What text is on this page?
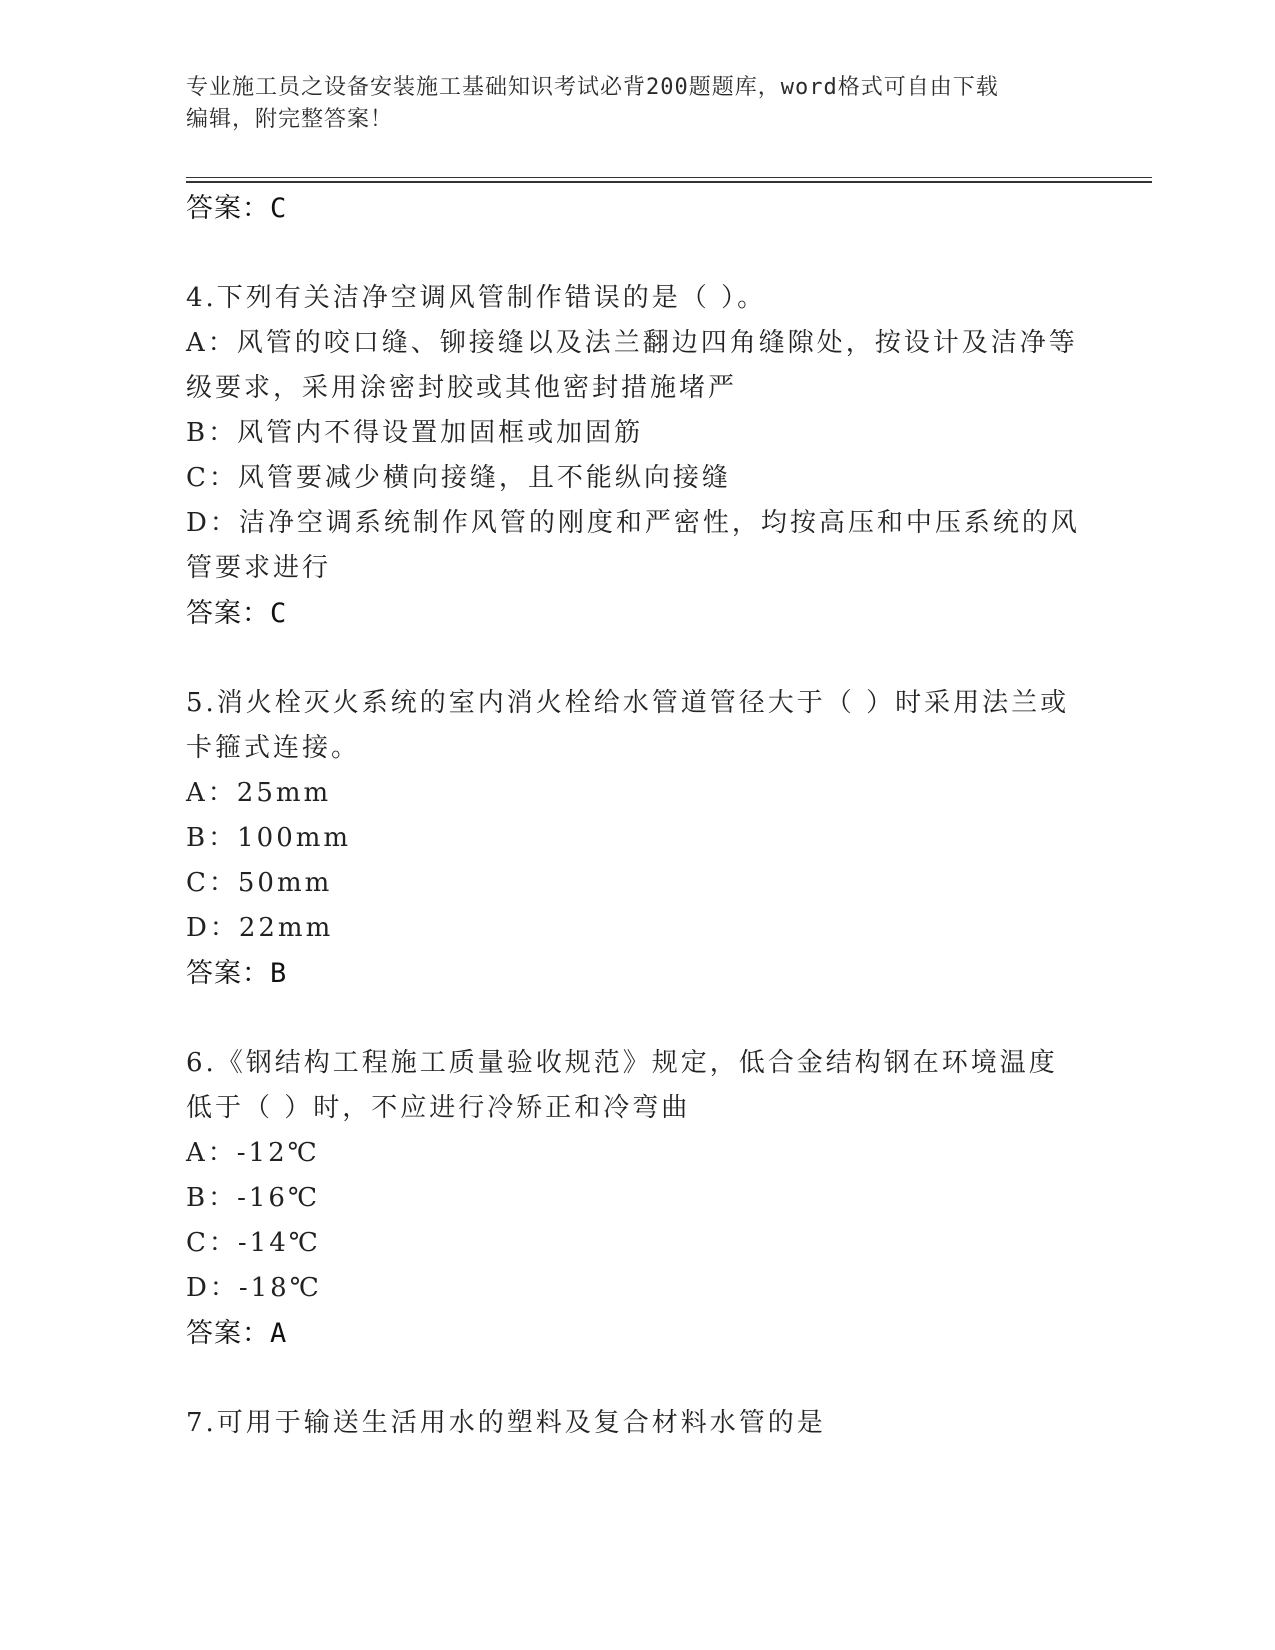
专业施工员之设备安装施工基础知识考试必背200题题库，word格式可自由下载
编辑，附完整答案！
答案：C
4.下列有关洁净空调风管制作错误的是（ ）。
A：风管的咬口缝、铆接缝以及法兰翻边四角缝隙处，按设计及洁净等
级要求，采用涂密封胶或其他密封措施堵严
B：风管内不得设置加固框或加固筋
C：风管要减少横向接缝，且不能纵向接缝
D：洁净空调系统制作风管的刚度和严密性，均按高压和中压系统的风
管要求进行
答案：C
5.消火栓灭火系统的室内消火栓给水管道管径大于（ ）时采用法兰或
卡箍式连接。
A：25mm
B：100mm
C：50mm
D：22mm
答案：B
6.《钢结构工程施工质量验收规范》规定，低合金结构钢在环境温度
低于（ ）时，不应进行冷矫正和冷弯曲
A：-12℃
B：-16℃
C：-14℃
D：-18℃
答案：A
7.可用于输送生活用水的塑料及复合材料水管的是
